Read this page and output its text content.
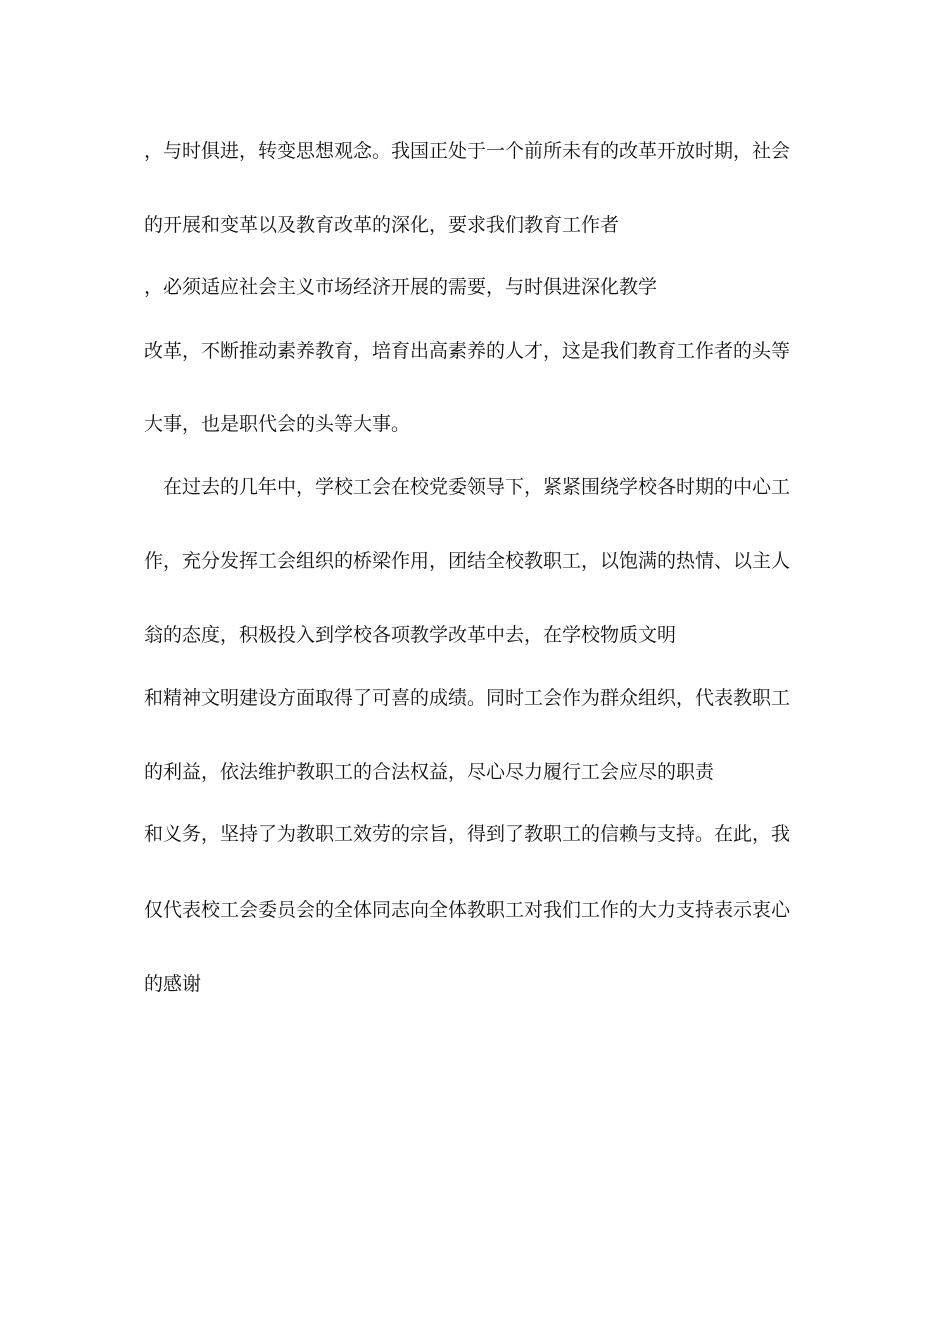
，与时俱进，转变思想观念。我国正处于一个前所未有的改革开放时期，社会
的开展和变革以及教育改革的深化，要求我们教育工作者
，必须适应社会主义市场经济开展的需要，与时俱进深化教学
改革，不断推动素养教育，培育出高素养的人才，这是我们教育工作者的头等
大事，也是职代会的头等大事。
在过去的几年中，学校工会在校党委领导下，紧紧围绕学校各时期的中心工
作，充分发挥工会组织的桥梁作用，团结全校教职工，以饱满的热情、以主人
翁的态度，积极投入到学校各项教学改革中去，在学校物质文明
和精神文明建设方面取得了可喜的成绩。同时工会作为群众组织，代表教职工
的利益，依法维护教职工的合法权益，尽心尽力履行工会应尽的职责
和义务，坚持了为教职工效劳的宗旨，得到了教职工的信赖与支持。在此，我
仅代表校工会委员会的全体同志向全体教职工对我们工作的大力支持表示衷心
的感谢
